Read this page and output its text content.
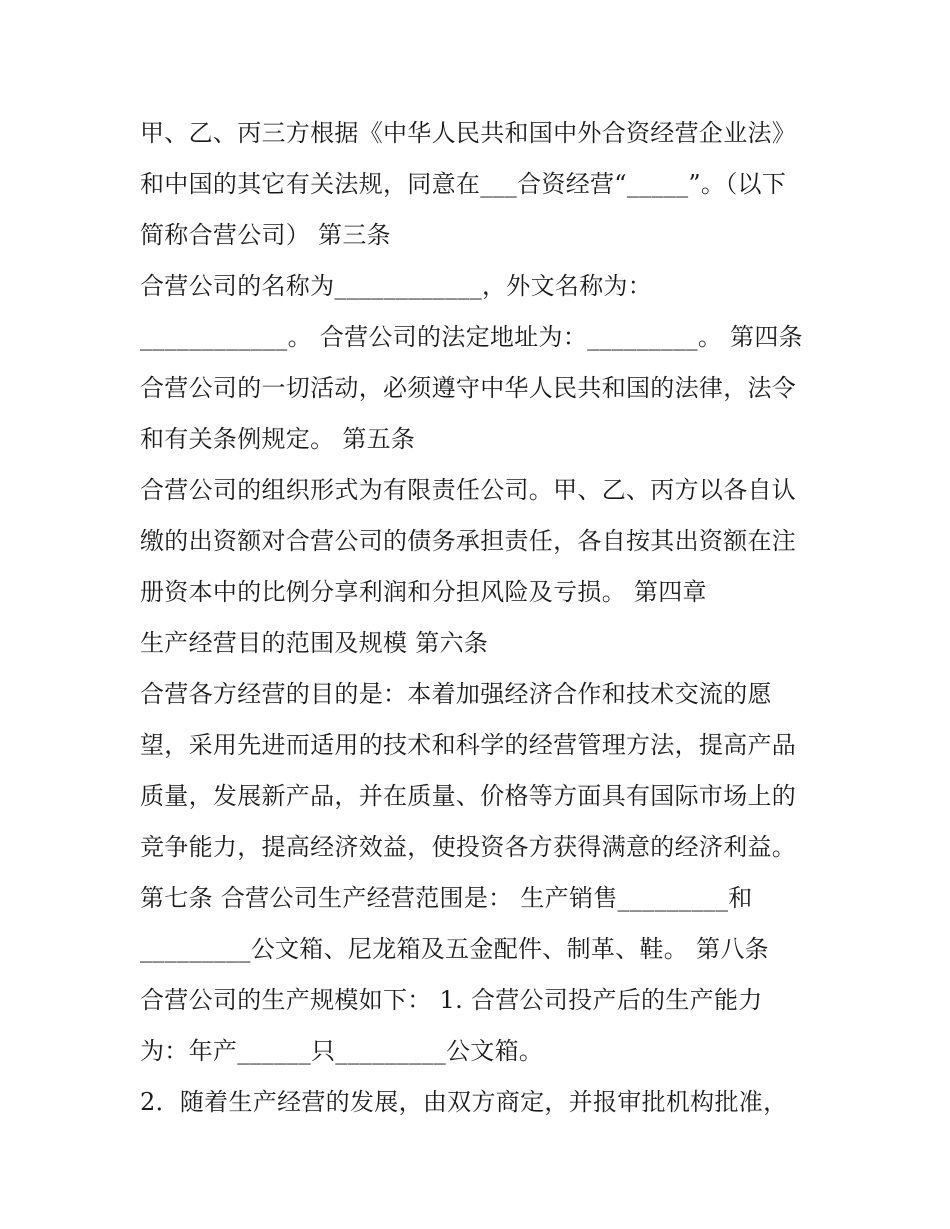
甲、乙、丙三方根据《中华人民共和国中外合资经营企业法》
和中国的其它有关法规，同意在___合资经营“_____”。（以下
简称合营公司） 第三条
合营公司的名称为____________，外文名称为：
____________。 合营公司的法定地址为：_________。 第四条
合营公司的一切活动，必须遵守中华人民共和国的法律，法令
和有关条例规定。 第五条
合营公司的组织形式为有限责任公司。甲、乙、丙方以各自认
缴的出资额对合营公司的债务承担责任，各自按其出资额在注
册资本中的比例分享利润和分担风险及亏损。 第四章
生产经营目的范围及规模 第六条
合营各方经营的目的是：本着加强经济合作和技术交流的愿
望，采用先进而适用的技术和科学的经营管理方法，提高产品
质量，发展新产品，并在质量、价格等方面具有国际市场上的
竞争能力，提高经济效益，使投资各方获得满意的经济利益。
第七条 合营公司生产经营范围是： 生产销售_________和
_________公文箱、尼龙箱及五金配件、制革、鞋。 第八条
合营公司的生产规模如下： 1. 合营公司投产后的生产能力
为：年产______只_________公文箱。
2．随着生产经营的发展，由双方商定，并报审批机构批准，
